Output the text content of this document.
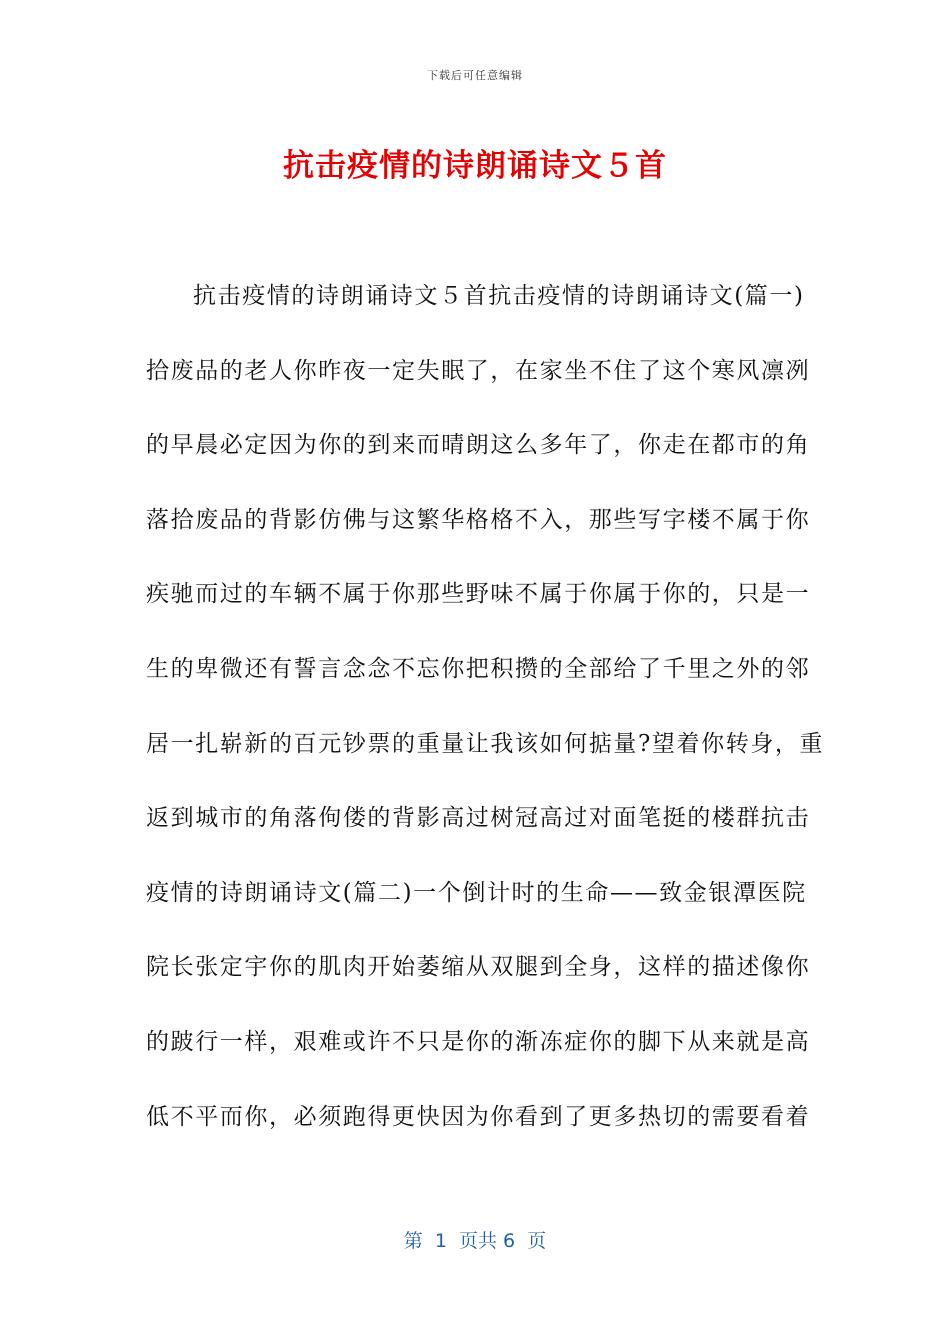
下载后可任意编辑
抗击疫情的诗朗诵诗文５首
抗击疫情的诗朗诵诗文５首抗击疫情的诗朗诵诗文(篇一)
拾废品的老人你昨夜一定失眠了，在家坐不住了这个寒风凛冽
的早晨必定因为你的到来而晴朗这么多年了，你走在都市的角
落拾废品的背影仿佛与这繁华格格不入，那些写字楼不属于你
疾驰而过的车辆不属于你那些野味不属于你属于你的，只是一
生的卑微还有誓言念念不忘你把积攒的全部给了千里之外的邻
居一扎崭新的百元钞票的重量让我该如何掂量?望着你转身，重
返到城市的角落佝偻的背影高过树冠高过对面笔挺的楼群抗击
疫情的诗朗诵诗文(篇二)一个倒计时的生命——致金银潭医院
院长张定宇你的肌肉开始萎缩从双腿到全身，这样的描述像你
的跛行一样，艰难或许不只是你的渐冻症你的脚下从来就是高
低不平而你，必须跑得更快因为你看到了更多热切的需要看着
第  1  页共 6  页
